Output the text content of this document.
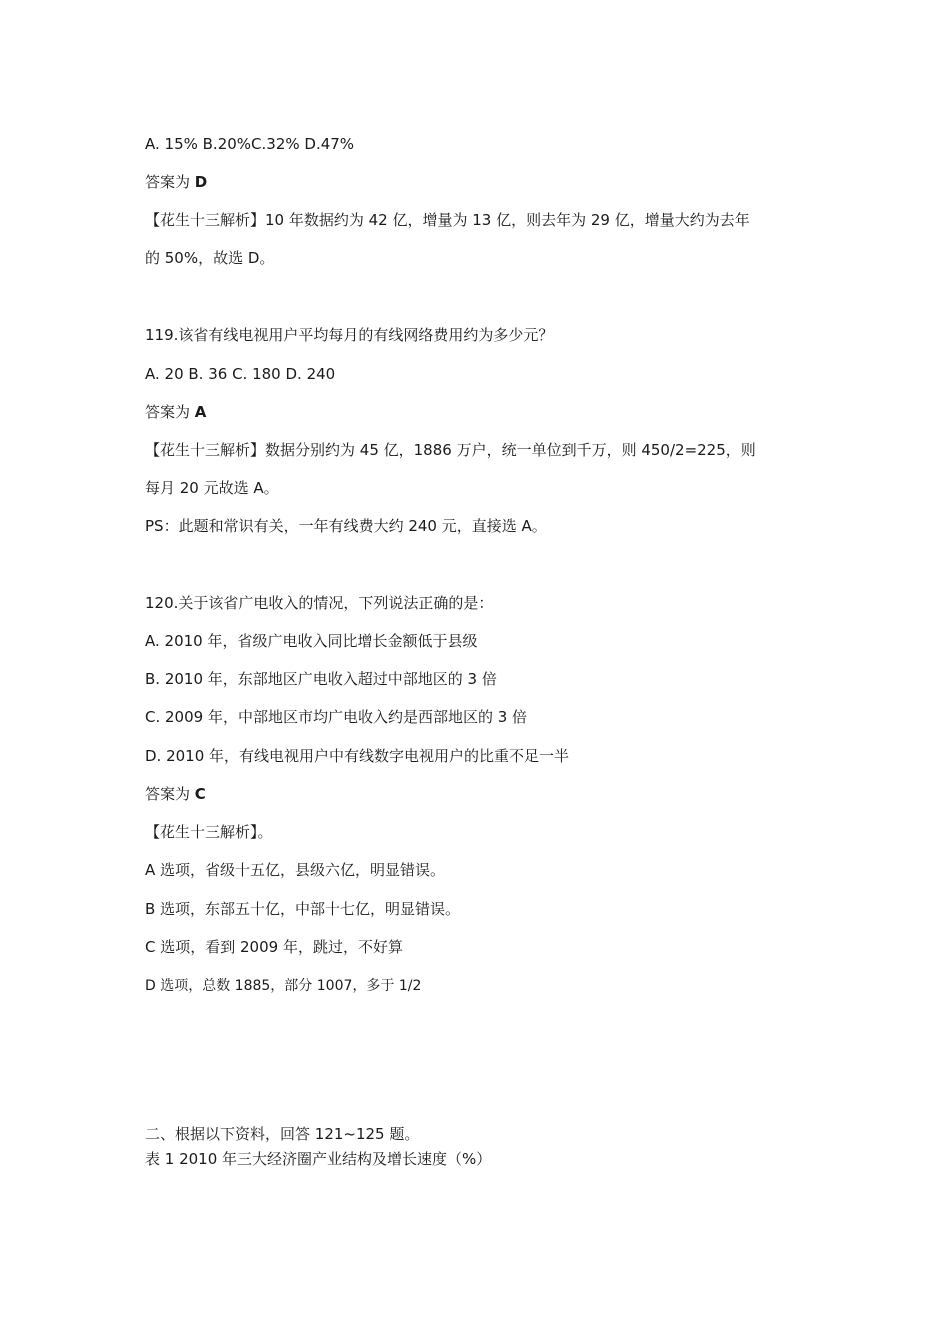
A. 15% B.20%C.32% D.47%
答案为 D
【花生十三解析】10 年数据约为 42 亿，增量为 13 亿，则去年为 29 亿，增量大约为去年
的 50%，故选 D。
119.该省有线电视用户平均每月的有线网络费用约为多少元？
A. 20 B. 36 C. 180 D. 240
答案为 A
【花生十三解析】数据分别约为 45 亿，1886 万户，统一单位到千万，则 450/2=225，则
每月 20 元故选 A。
PS：此题和常识有关，一年有线费大约 240 元，直接选 A。
120.关于该省广电收入的情况，下列说法正确的是：
A. 2010 年，省级广电收入同比增长金额低于县级
B. 2010 年，东部地区广电收入超过中部地区的 3 倍
C. 2009 年，中部地区市均广电收入约是西部地区的 3 倍
D. 2010 年，有线电视用户中有线数字电视用户的比重不足一半
答案为 C
【花生十三解析】。
A 选项，省级十五亿，县级六亿，明显错误。
B 选项，东部五十亿，中部十七亿，明显错误。
C 选项，看到 2009 年，跳过，不好算
D 选项，总数 1885，部分 1007，多于 1/2
二、根据以下资料，回答 121~125 题。
表 1 2010 年三大经济圈产业结构及增长速度（%）
